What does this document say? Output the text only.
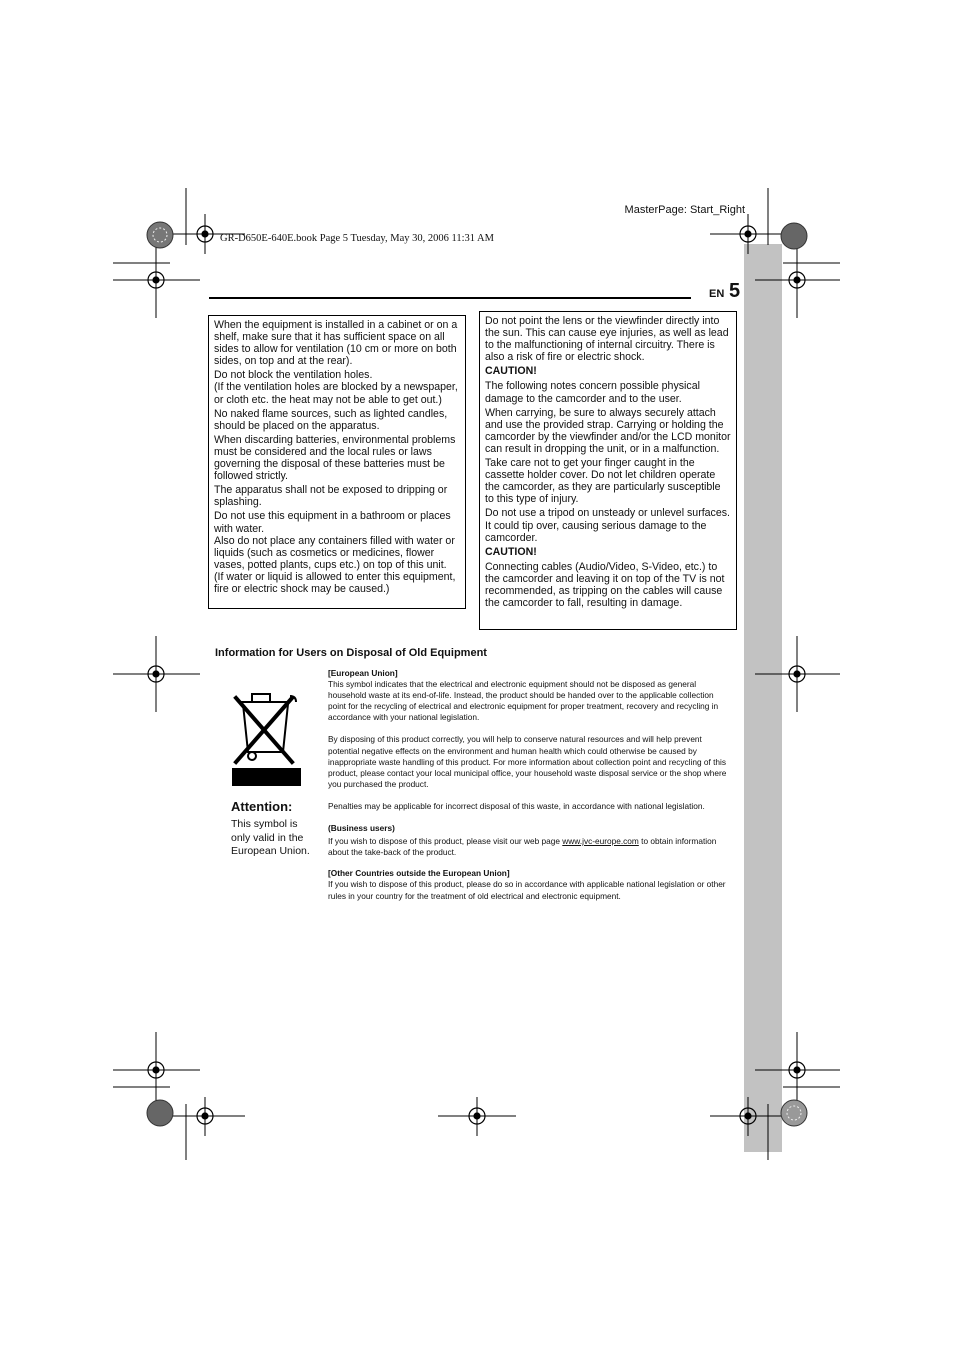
MasterPage: Start_Right
GR-D650E-640E.book Page 5 Tuesday, May 30, 2006 11:31 AM
EN 5

When the equipment is installed in a cabinet or on a shelf, make sure that it has sufficient space on all sides to allow for ventilation (10 cm or more on both sides, on top and at the rear).

Do not block the ventilation holes.

(If the ventilation holes are blocked by a newspaper, or cloth etc. the heat may not be able to get out.)

No naked flame sources, such as lighted candles, should be placed on the apparatus.

When discarding batteries, environmental problems must be considered and the local rules or laws governing the disposal of these batteries must be followed strictly.

The apparatus shall not be exposed to dripping or splashing.

Do not use this equipment in a bathroom or places with water.

Also do not place any containers filled with water or liquids (such as cosmetics or medicines, flower vases, potted plants, cups etc.) on top of this unit.

(If water or liquid is allowed to enter this equipment, fire or electric shock may be caused.)

Do not point the lens or the viewfinder directly into the sun. This can cause eye injuries, as well as lead to the malfunctioning of internal circuitry. There is also a risk of fire or electric shock.

CAUTION!

The following notes concern possible physical damage to the camcorder and to the user.

When carrying, be sure to always securely attach and use the provided strap. Carrying or holding the camcorder by the viewfinder and/or the LCD monitor can result in dropping the unit, or in a malfunction.

Take care not to get your finger caught in the cassette holder cover. Do not let children operate the camcorder, as they are particularly susceptible to this type of injury.

Do not use a tripod on unsteady or unlevel surfaces. It could tip over, causing serious damage to the camcorder.

CAUTION!

Connecting cables (Audio/Video, S-Video, etc.) to the camcorder and leaving it on top of the TV is not recommended, as tripping on the cables will cause the camcorder to fall, resulting in damage.

Information for Users on Disposal of Old Equipment
Attention:
This symbol is only valid in the European Union.
[European Union]

This symbol indicates that the electrical and electronic equipment should not be disposed as general household waste at its end-of-life. Instead, the product should be handed over to the applicable collection point for the recycling of electrical and electronic equipment for proper treatment, recovery and recycling in accordance with your national legislation.

By disposing of this product correctly, you will help to conserve natural resources and will help prevent potential negative effects on the environment and human health which could otherwise be caused by inappropriate waste handling of this product. For more information about collection point and recycling of this product, please contact your local municipal office, your household waste disposal service or the shop where you purchased the product.

Penalties may be applicable for incorrect disposal of this waste, in accordance with national legislation.

(Business users)

If you wish to dispose of this product, please visit our web page www.jvc-europe.com to obtain information about the take-back of the product.

[Other Countries outside the European Union]

If you wish to dispose of this product, please do so in accordance with applicable national legislation or other rules in your country for the treatment of old electrical and electronic equipment.
